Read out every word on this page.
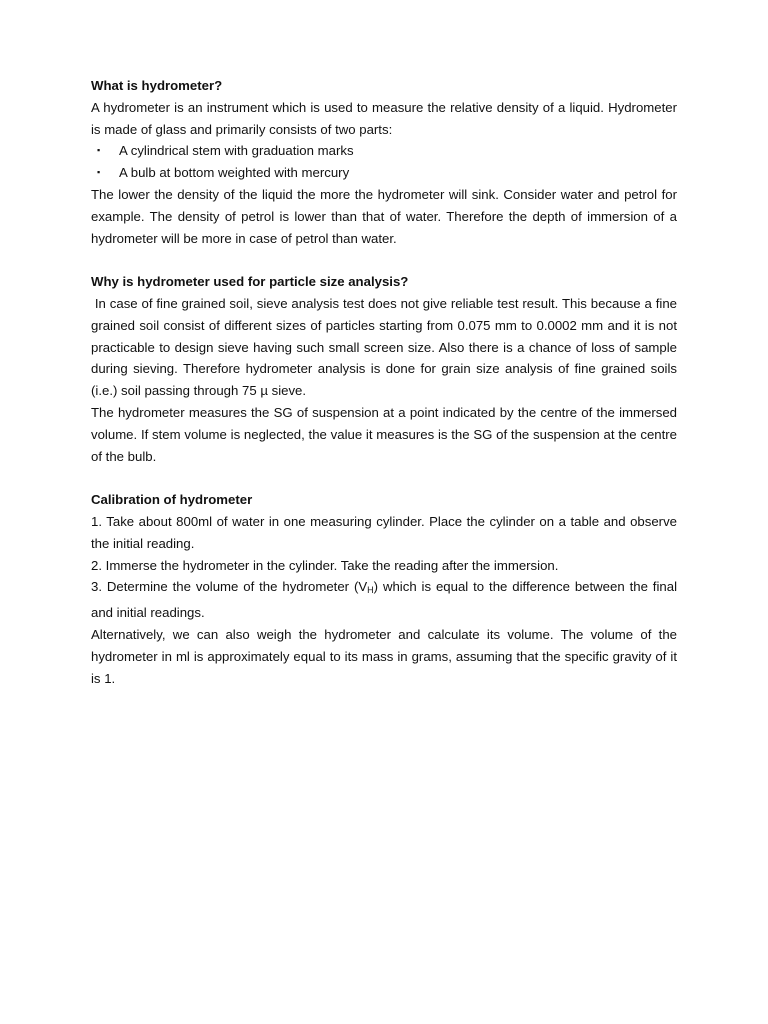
What is hydrometer?

A hydrometer is an instrument which is used to measure the relative density of a liquid. Hydrometer is made of glass and primarily consists of two parts:

▪ A cylindrical stem with graduation marks
▪ A bulb at bottom weighted with mercury

The lower the density of the liquid the more the hydrometer will sink. Consider water and petrol for example. The density of petrol is lower than that of water. Therefore the depth of immersion of a hydrometer will be more in case of petrol than water.

Why is hydrometer used for particle size analysis?

In case of fine grained soil, sieve analysis test does not give reliable test result. This because a fine grained soil consist of different sizes of particles starting from 0.075 mm to 0.0002 mm and it is not practicable to design sieve having such small screen size. Also there is a chance of loss of sample during sieving. Therefore hydrometer analysis is done for grain size analysis of fine grained soils (i.e.) soil passing through 75 µ sieve.

The hydrometer measures the SG of suspension at a point indicated by the centre of the immersed volume. If stem volume is neglected, the value it measures is the SG of the suspension at the centre of the bulb.

Calibration of hydrometer

1. Take about 800ml of water in one measuring cylinder. Place the cylinder on a table and observe the initial reading.

2. Immerse the hydrometer in the cylinder. Take the reading after the immersion.

3. Determine the volume of the hydrometer $(V_H)$ which is equal to the difference between the final and initial readings.

Alternatively, we can also weigh the hydrometer and calculate its volume. The volume of the hydrometer in ml is approximately equal to its mass in grams, assuming that the specific gravity of it is 1.
